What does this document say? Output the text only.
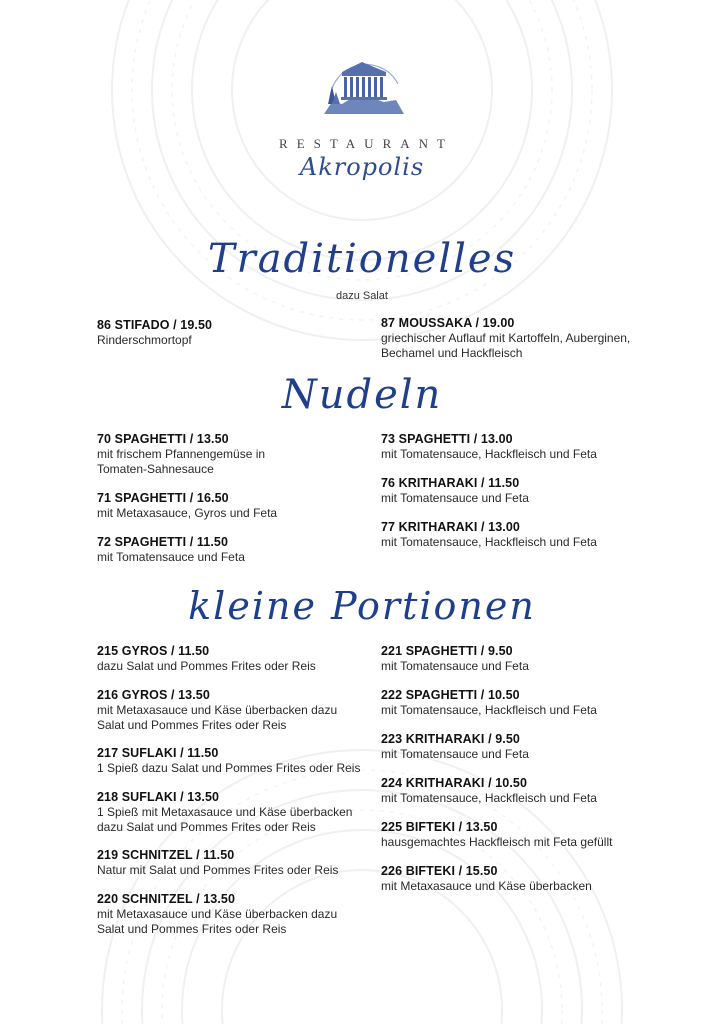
RESTAURANT
Akropolis
Traditionelles
dazu Salat
86 STIFADO / 19.50
Rinderschmortopf
87 MOUSSAKA / 19.00
griechischer Auflauf mit Kartoffeln, Auberginen,
Bechamel und Hackfleisch
Nudeln
70 SPAGHETTI / 13.50
mit frischem Pfannengemüse in
Tomaten-Sahnesauce
71 SPAGHETTI / 16.50
mit Metaxasauce, Gyros und Feta
72 SPAGHETTI / 11.50
mit Tomatensauce und Feta
73 SPAGHETTI / 13.00
mit Tomatensauce, Hackfleisch und Feta
76 KRITHARAKI / 11.50
mit Tomatensauce und Feta
77 KRITHARAKI / 13.00
mit Tomatensauce, Hackfleisch und Feta
kleine Portionen
215 GYROS / 11.50
dazu Salat und Pommes Frites oder Reis
216 GYROS / 13.50
mit Metaxasauce und Käse überbacken dazu
Salat und Pommes Frites oder Reis
217 SUFLAKI / 11.50
1 Spieß dazu Salat und Pommes Frites oder Reis
218 SUFLAKI / 13.50
1 Spieß mit Metaxasauce und Käse überbacken
dazu Salat und Pommes Frites oder Reis
219 SCHNITZEL / 11.50
Natur mit Salat und Pommes Frites oder Reis
220 SCHNITZEL / 13.50
mit Metaxasauce und Käse überbacken dazu
Salat und Pommes Frites oder Reis
221 SPAGHETTI / 9.50
mit Tomatensauce und Feta
222 SPAGHETTI / 10.50
mit Tomatensauce, Hackfleisch und Feta
223 KRITHARAKI / 9.50
mit Tomatensauce und Feta
224 KRITHARAKI / 10.50
mit Tomatensauce, Hackfleisch und Feta
225 BIFTEKI / 13.50
hausgemachtes Hackfleisch mit Feta gefüllt
226 BIFTEKI / 15.50
mit Metaxasauce und Käse überbacken
